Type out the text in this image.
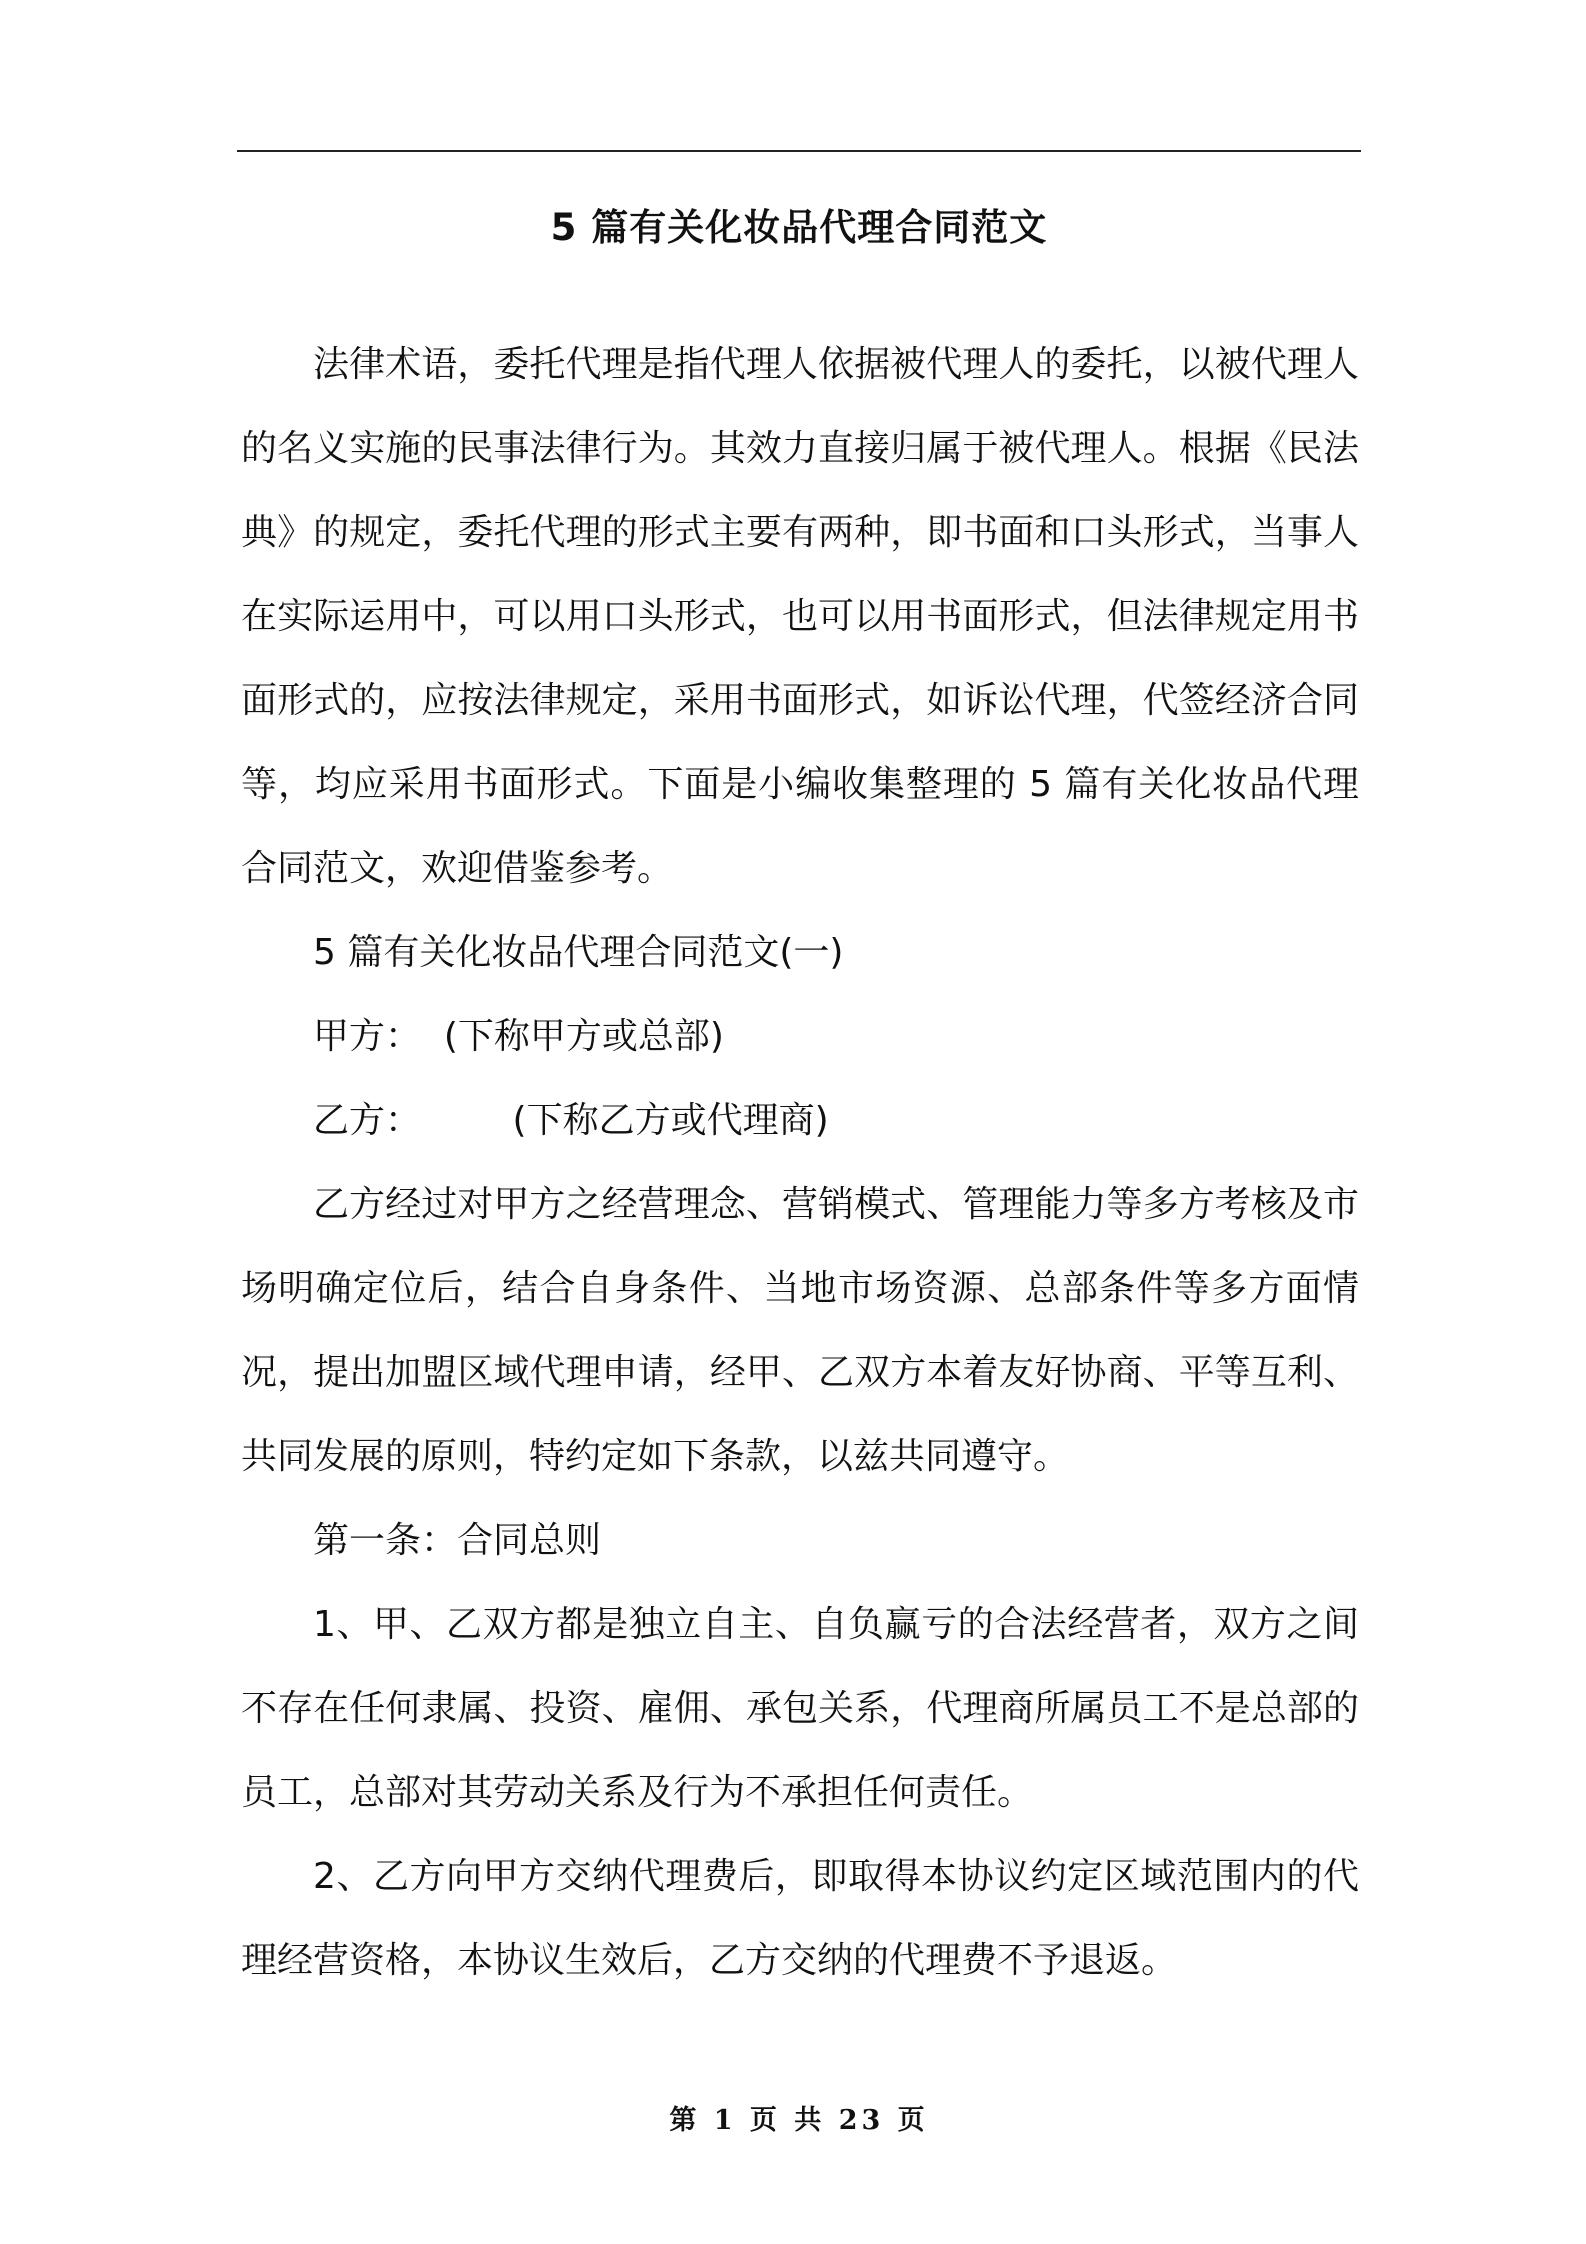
5 篇有关化妆品代理合同范文

法律术语，委托代理是指代理人依据被代理人的委托，以被代理人的名义实施的民事法律行为。其效力直接归属于被代理人。根据《民法典》的规定，委托代理的形式主要有两种，即书面和口头形式，当事人在实际运用中，可以用口头形式，也可以用书面形式，但法律规定用书面形式的，应按法律规定，采用书面形式，如诉讼代理，代签经济合同等，均应采用书面形式。下面是小编收集整理的 5 篇有关化妆品代理合同范文，欢迎借鉴参考。

5 篇有关化妆品代理合同范文(一)

甲方：  (下称甲方或总部)

乙方：        (下称乙方或代理商)

乙方经过对甲方之经营理念、营销模式、管理能力等多方考核及市场明确定位后，结合自身条件、当地市场资源、总部条件等多方面情况，提出加盟区域代理申请，经甲、乙双方本着友好协商、平等互利、共同发展的原则，特约定如下条款，以兹共同遵守。

第一条：合同总则

1、甲、乙双方都是独立自主、自负赢亏的合法经营者，双方之间不存在任何隶属、投资、雇佣、承包关系，代理商所属员工不是总部的员工，总部对其劳动关系及行为不承担任何责任。

2、乙方向甲方交纳代理费后，即取得本协议约定区域范围内的代理经营资格，本协议生效后，乙方交纳的代理费不予退返。

第 1 页 共 23 页
